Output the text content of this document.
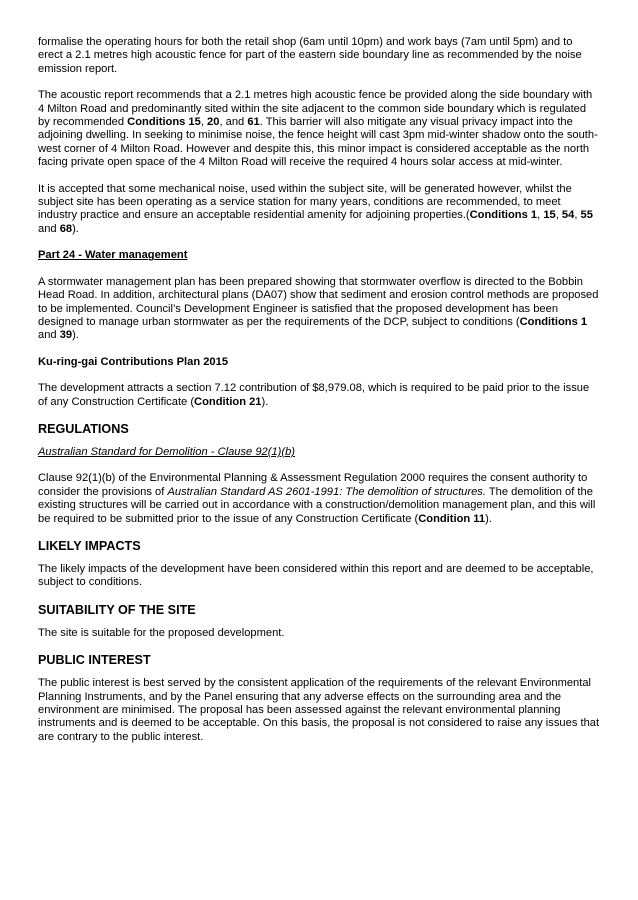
formalise the operating hours for both the retail shop (6am until 10pm) and work bays (7am until 5pm) and to erect a 2.1 metres high acoustic fence for part of the eastern side boundary line as recommended by the noise emission report.

The acoustic report recommends that a 2.1 metres high acoustic fence be provided along the side boundary with 4 Milton Road and predominantly sited within the site adjacent to the common side boundary which is regulated by recommended Conditions 15, 20, and 61. This barrier will also mitigate any visual privacy impact into the adjoining dwelling. In seeking to minimise noise, the fence height will cast 3pm mid-winter shadow onto the south-west corner of 4 Milton Road. However and despite this, this minor impact is considered acceptable as the north facing private open space of the 4 Milton Road will receive the required 4 hours solar access at mid-winter.

It is accepted that some mechanical noise, used within the subject site, will be generated however, whilst the subject site has been operating as a service station for many years, conditions are recommended, to meet industry practice and ensure an acceptable residential amenity for adjoining properties.(Conditions 1, 15, 54, 55 and 68).

Part 24 - Water management

A stormwater management plan has been prepared showing that stormwater overflow is directed to the Bobbin Head Road. In addition, architectural plans (DA07) show that sediment and erosion control methods are proposed to be implemented. Council’s Development Engineer is satisfied that the proposed development has been designed to manage urban stormwater as per the requirements of the DCP, subject to conditions (Conditions 1 and 39).

Ku-ring-gai Contributions Plan 2015

The development attracts a section 7.12 contribution of $8,979.08, which is required to be paid prior to the issue of any Construction Certificate (Condition 21).

REGULATIONS
Australian Standard for Demolition - Clause 92(1)(b)

Clause 92(1)(b) of the Environmental Planning & Assessment Regulation 2000 requires the consent authority to consider the provisions of Australian Standard AS 2601-1991: The demolition of structures. The demolition of the existing structures will be carried out in accordance with a construction/demolition management plan, and this will be required to be submitted prior to the issue of any Construction Certificate (Condition 11).

LIKELY IMPACTS

The likely impacts of the development have been considered within this report and are deemed to be acceptable, subject to conditions.

SUITABILITY OF THE SITE

The site is suitable for the proposed development.

PUBLIC INTEREST

The public interest is best served by the consistent application of the requirements of the relevant Environmental Planning Instruments, and by the Panel ensuring that any adverse effects on the surrounding area and the environment are minimised. The proposal has been assessed against the relevant environmental planning instruments and is deemed to be acceptable. On this basis, the proposal is not considered to raise any issues that are contrary to the public interest.
